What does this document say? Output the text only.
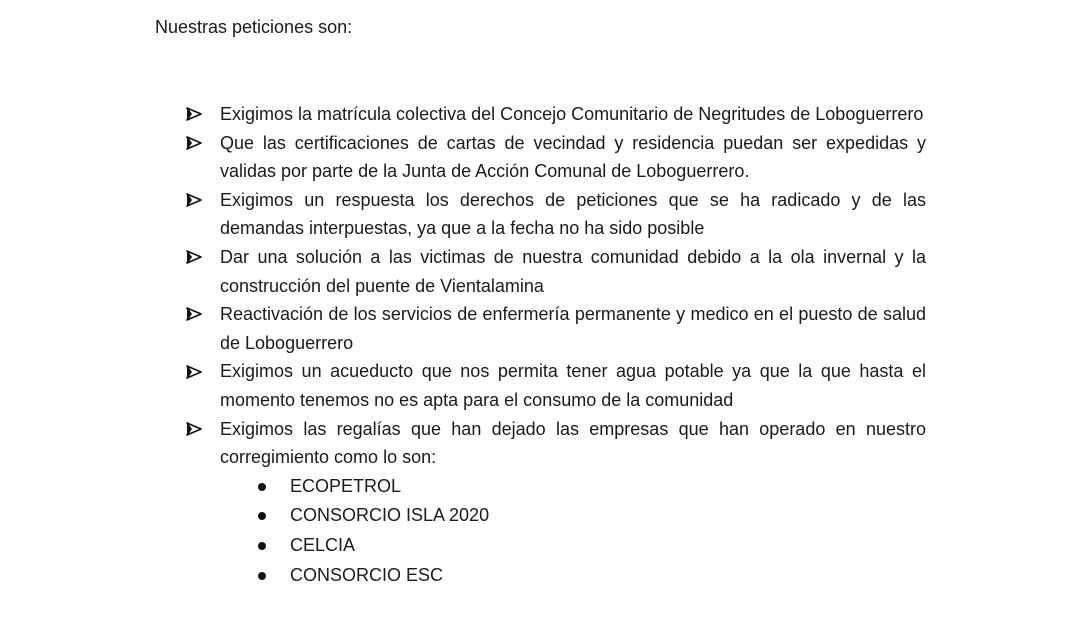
Nuestras peticiones son:

Exigimos la matrícula colectiva del Concejo Comunitario de Negritudes de Loboguerrero
Que las certificaciones de cartas de vecindad y residencia puedan ser expedidas y validas por parte de la Junta de Acción Comunal de Loboguerrero.
Exigimos un respuesta los derechos de peticiones que se ha radicado y de las demandas interpuestas, ya que a la fecha no ha sido posible
Dar una solución a las victimas de nuestra comunidad debido a la ola invernal y la construcción del puente de Vientalamina
Reactivación de los servicios de enfermería permanente y medico en el puesto de salud de Loboguerrero
Exigimos un acueducto que nos permita tener agua potable ya que la que hasta el momento tenemos no es apta para el consumo de la comunidad
Exigimos las regalías que han dejado las empresas que han operado en nuestro corregimiento como lo son:
ECOPETROL
CONSORCIO ISLA 2020
CELCIA
CONSORCIO ESC
